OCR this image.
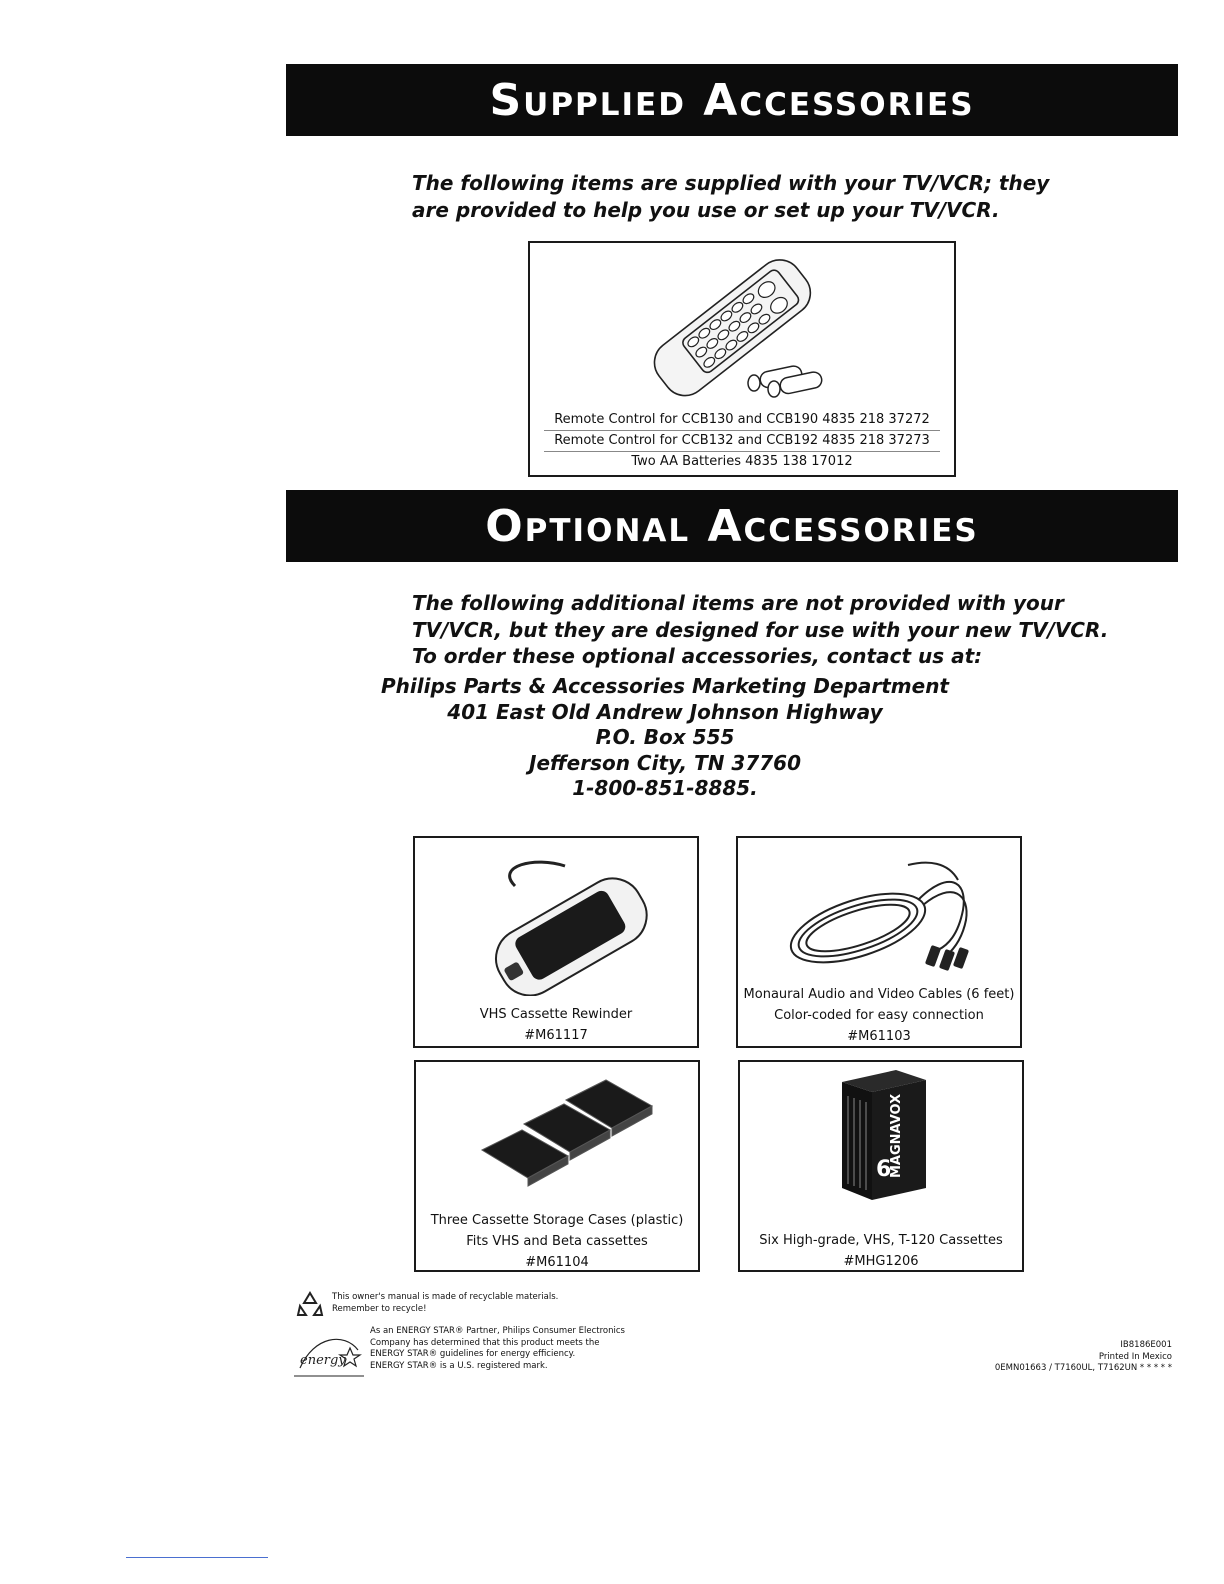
Supplied Accessories
The following items are supplied with your TV/VCR; they
are provided to help you use or set up your TV/VCR.
Remote Control for CCB130 and CCB190 4835 218 37272
Remote Control for CCB132 and CCB192 4835 218 37273
Two AA Batteries 4835 138 17012
Optional Accessories
The following additional items are not provided with your
TV/VCR, but they are designed for use with your new TV/VCR.
To order these optional accessories, contact us at:
Philips Parts & Accessories Marketing Department
401 East Old Andrew Johnson Highway
P.O. Box 555
Jefferson City, TN 37760
1-800-851-8885.
VHS Cassette Rewinder
#M61117
Monaural Audio and Video Cables (6 feet)
Color-coded for easy connection
#M61103
Three Cassette Storage Cases (plastic)
Fits VHS and Beta cassettes
#M61104
MAGNAVOX
6
Six High-grade, VHS, T-120 Cassettes
#MHG1206
This owner's manual is made of recyclable materials.
Remember to recycle!
energy
As an ENERGY STAR® Partner, Philips Consumer Electronics
Company has determined that this product meets the
ENERGY STAR® guidelines for energy efficiency.
ENERGY STAR® is a U.S. registered mark.
IB8186E001
Printed In Mexico
0EMN01663 / T7160UL, T7162UN * * * * *
